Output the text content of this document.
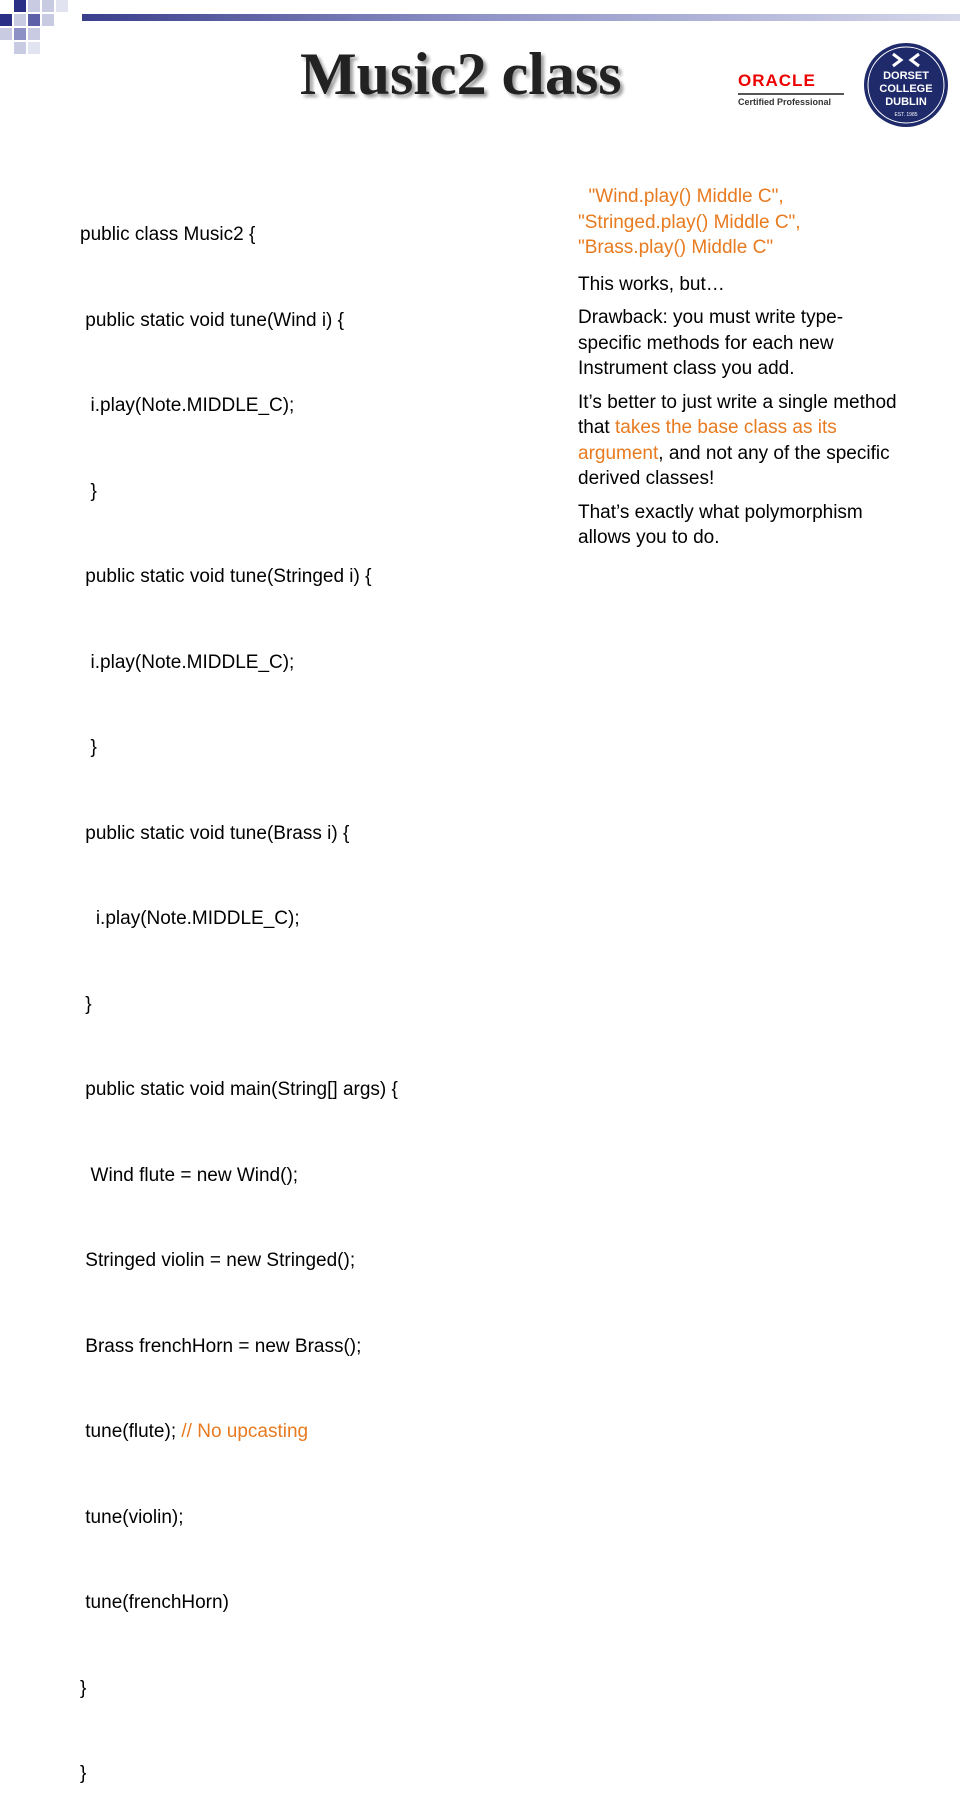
Music2 class	ORACLE
Certified Professional
DORSET
COLLEGE
DUBLIN
EST. 1985

public class Music2 {

public static void tune(Wind i) {

i.play(Note.MIDDLE_C);

}

public static void tune(Stringed i) {

i.play(Note.MIDDLE_C);

}

public static void tune(Brass i) {

i.play(Note.MIDDLE_C);

}

public static void main(String[] args) {

Wind flute = new Wind();

Stringed violin = new Stringed();

Brass frenchHorn = new Brass();

tune(flute); // No upcasting

tune(violin);

tune(frenchHorn)

}

}

"Wind.play() Middle C",
"Stringed.play() Middle C",
"Brass.play() Middle C"

This works, but…

Drawback: you must write type-specific methods for each new Instrument class you add.

It’s better to just write a single method that takes the base class as its argument, and not any of the specific derived classes!

That’s exactly what polymorphism allows you to do.
